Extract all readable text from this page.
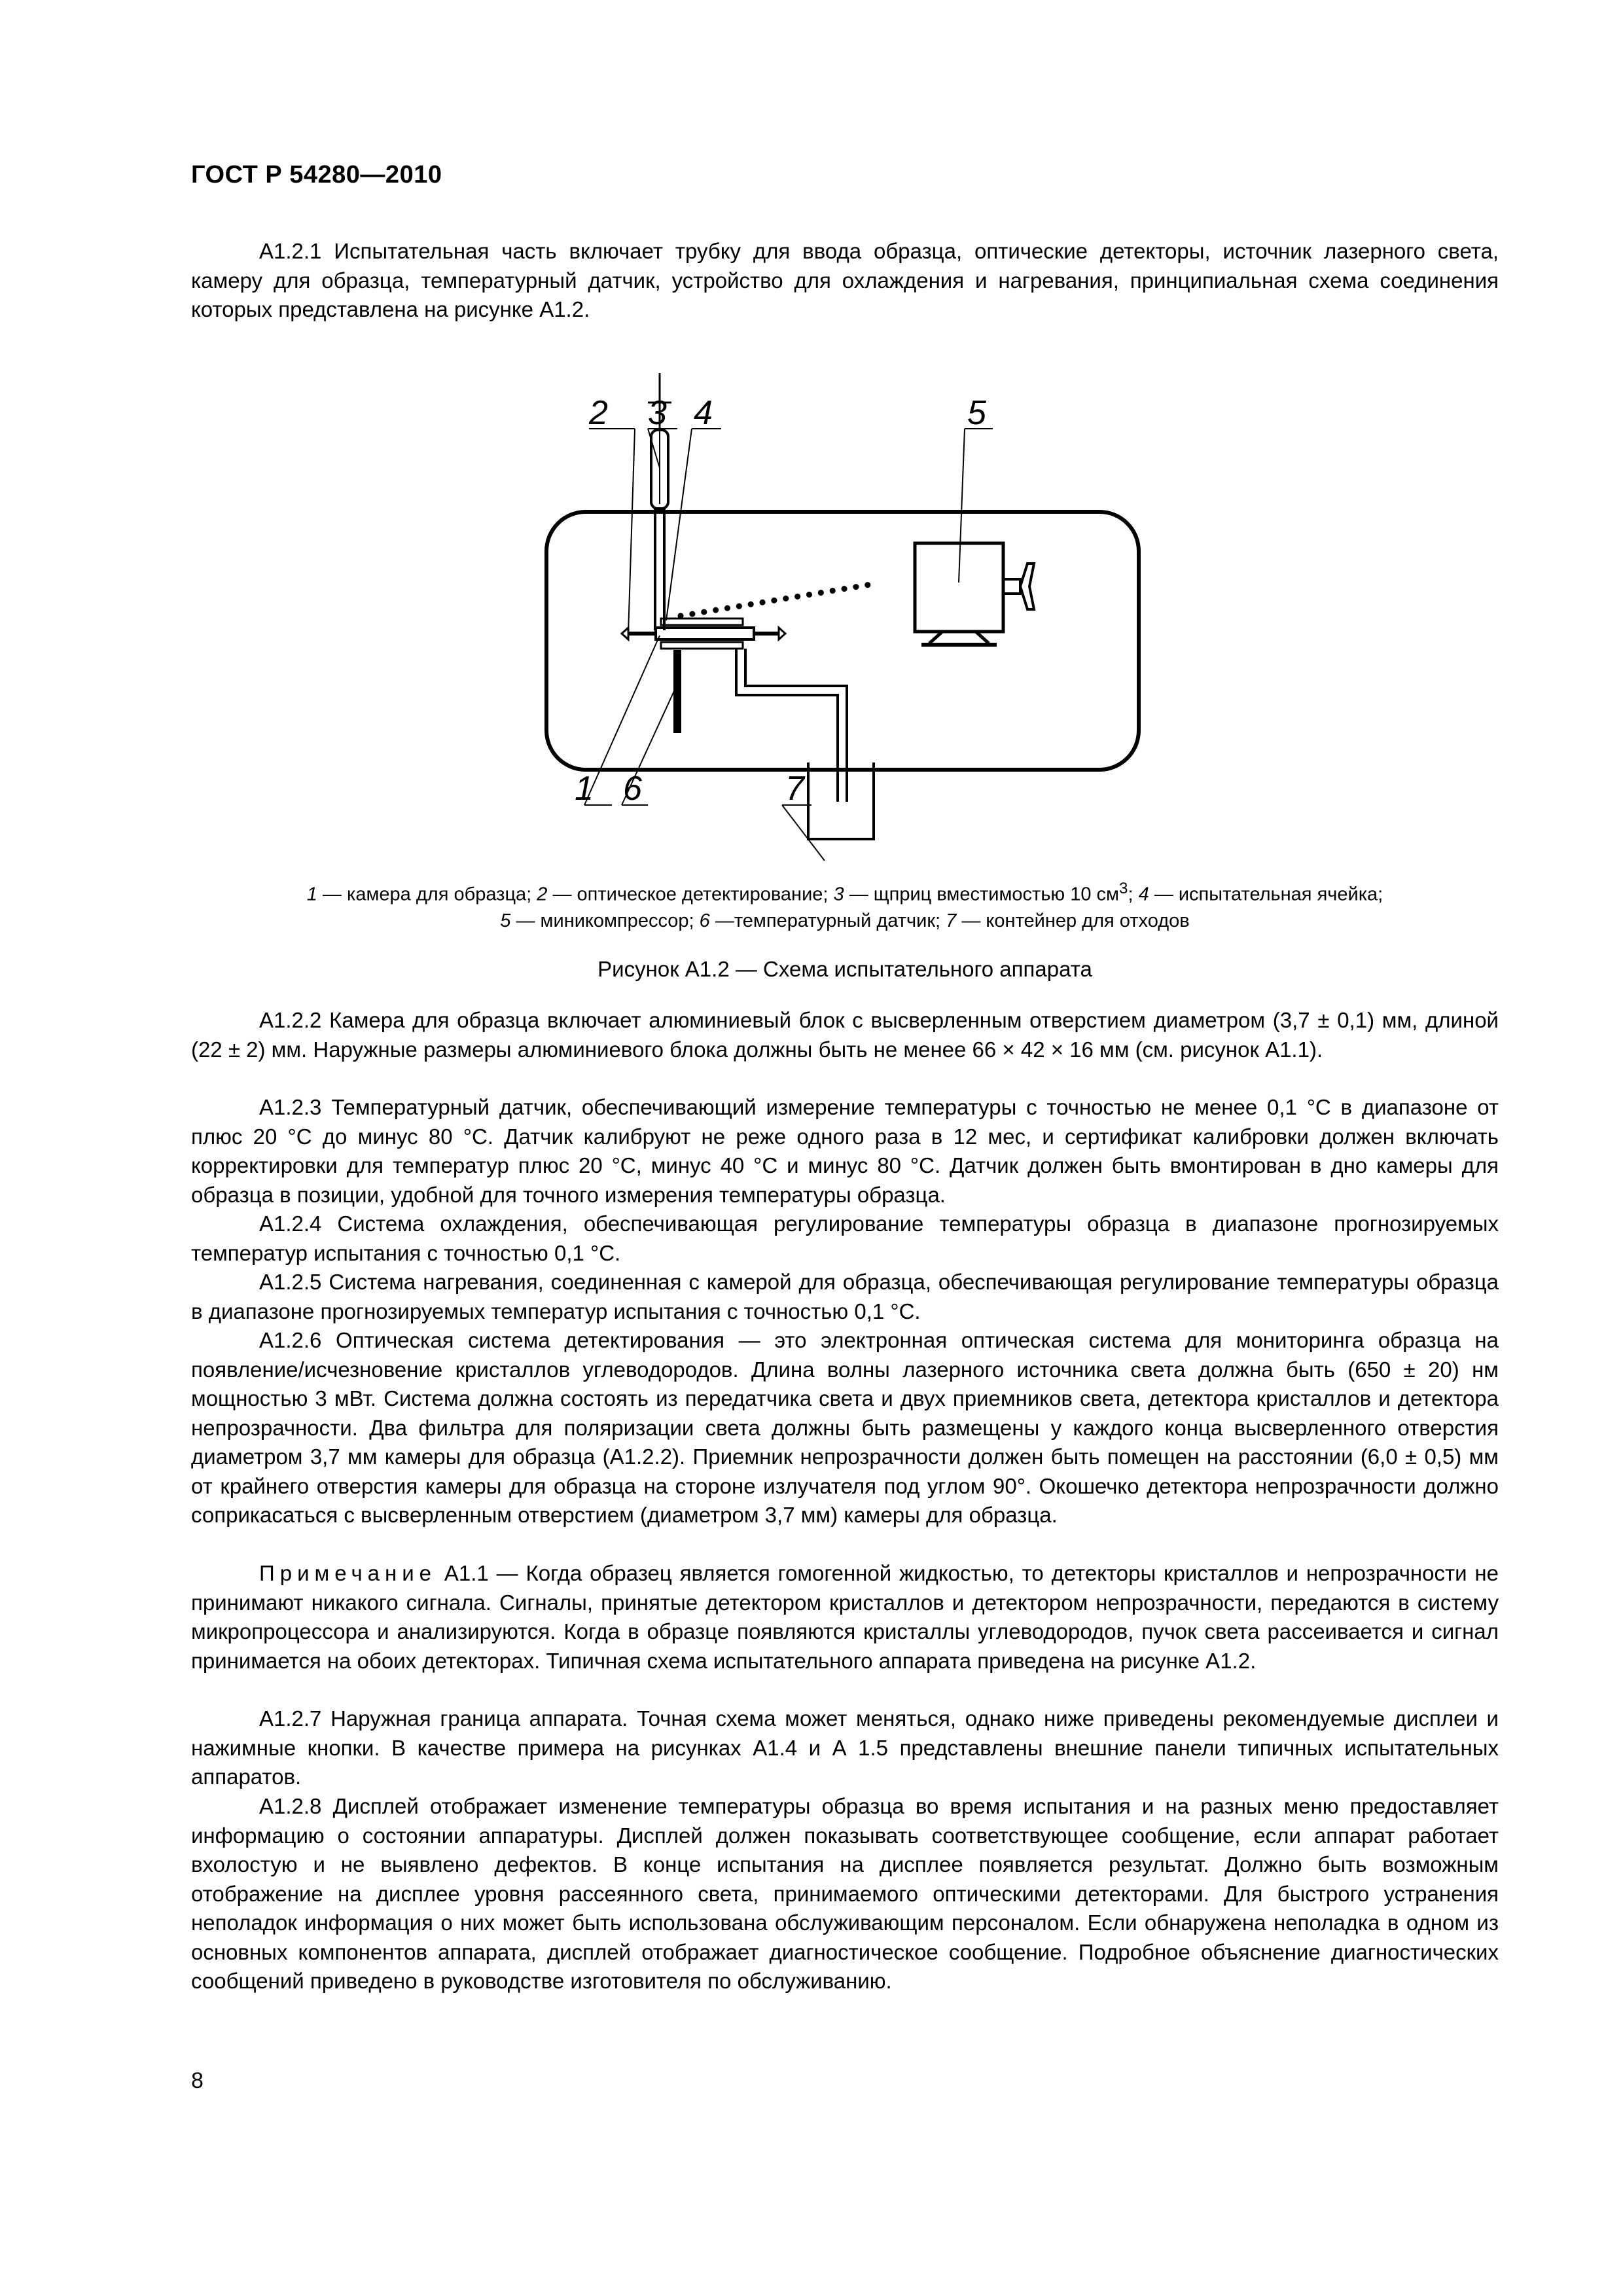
ГОСТ Р 54280—2010

А1.2.1 Испытательная часть включает трубку для ввода образца, оптические детекторы, источник лазерного света, камеру для образца, температурный датчик, устройство для охлаждения и нагревания, принципиальная схема соединения которых представлена на рисунке А1.2.

1
2 3 4	5
6	7
1 — камера для образца; 2 — оптическое детектирование; 3 — щприц вместимостью 10 $см^3$; 4 — испытательная ячейка;
5 — миникомпрессор; 6 —температурный датчик; 7 — контейнер для отходов
Рисунок А1.2 — Схема испытательного аппарата

А1.2.2 Камера для образца включает алюминиевый блок с высверленным отверстием диаметром (3,7 ± 0,1) мм, длиной (22 ± 2) мм. Наружные размеры алюминиевого блока должны быть не менее 66 × 42 × 16 мм (см. рисунок А1.1).

А1.2.3 Температурный датчик, обеспечивающий измерение температуры с точностью не менее 0,1 °С в диапазоне от плюс 20 °С до минус 80 °С. Датчик калибруют не реже одного раза в 12 мес, и сертификат калибровки должен включать корректировки для температур плюс 20 °С, минус 40 °С и минус 80 °С. Датчик должен быть вмонтирован в дно камеры для образца в позиции, удобной для точного измерения температуры образца.

А1.2.4 Система охлаждения, обеспечивающая регулирование температуры образца в диапазоне прогнозируемых температур испытания с точностью 0,1 °С.

А1.2.5 Система нагревания, соединенная с камерой для образца, обеспечивающая регулирование температуры образца в диапазоне прогнозируемых температур испытания с точностью 0,1 °С.

А1.2.6 Оптическая система детектирования — это электронная оптическая система для мониторинга образца на появление/исчезновение кристаллов углеводородов. Длина волны лазерного источника света должна быть (650 ± 20) нм мощностью 3 мВт. Система должна состоять из передатчика света и двух приемников света, детектора кристаллов и детектора непрозрачности. Два фильтра для поляризации света должны быть размещены у каждого конца высверленного отверстия диаметром 3,7 мм камеры для образца (А1.2.2). Приемник непрозрачности должен быть помещен на расстоянии (6,0 ± 0,5) мм от крайнего отверстия камеры для образца на стороне излучателя под углом 90°. Окошечко детектора непрозрачности должно соприкасаться с высверленным отверстием (диаметром 3,7 мм) камеры для образца.

Примечание А1.1 — Когда образец является гомогенной жидкостью, то детекторы кристаллов и непрозрачности не принимают никакого сигнала. Сигналы, принятые детектором кристаллов и детектором непрозрачности, передаются в систему микропроцессора и анализируются. Когда в образце появляются кристаллы углеводородов, пучок света рассеивается и сигнал принимается на обоих детекторах. Типичная схема испытательного аппарата приведена на рисунке А1.2.

А1.2.7 Наружная граница аппарата. Точная схема может меняться, однако ниже приведены рекомендуемые дисплеи и нажимные кнопки. В качестве примера на рисунках А1.4 и А 1.5 представлены внешние панели типичных испытательных аппаратов.

А1.2.8 Дисплей отображает изменение температуры образца во время испытания и на разных меню предоставляет информацию о состоянии аппаратуры. Дисплей должен показывать соответствующее сообщение, если аппарат работает вхолостую и не выявлено дефектов. В конце испытания на дисплее появляется результат. Должно быть возможным отображение на дисплее уровня рассеянного света, принимаемого оптическими детекторами. Для быстрого устранения неполадок информация о них может быть использована обслуживающим персоналом. Если обнаружена неполадка в одном из основных компонентов аппарата, дисплей отображает диагностическое сообщение. Подробное объяснение диагностических сообщений приведено в руководстве изготовителя по обслуживанию.

8
